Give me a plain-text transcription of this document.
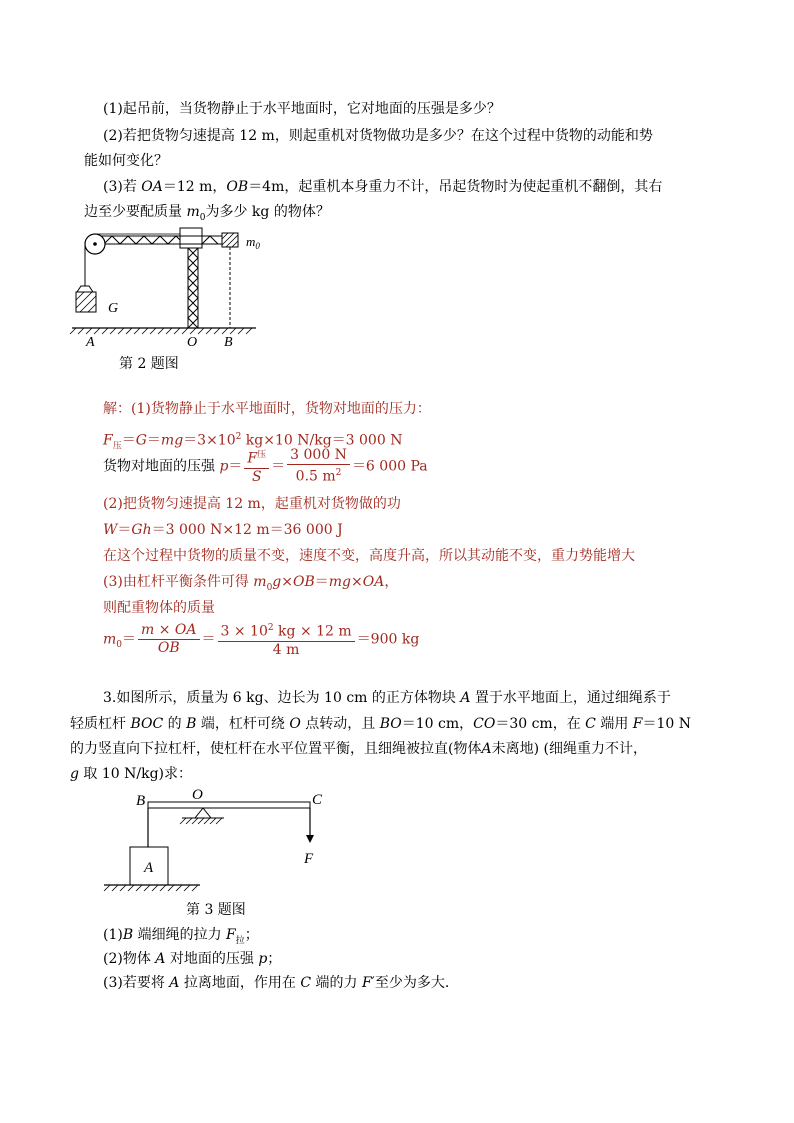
(1)起吊前，当货物静止于水平地面时，它对地面的压强是多少？
(2)若把货物匀速提高 12 m，则起重机对货物做功是多少？在这个过程中货物的动能和势
能如何变化？
(3)若 OA＝12 m，OB＝4m，起重机本身重力不计，吊起货物时为使起重机不翻倒，其右
边至少要配质量 $m_0$为多少 kg 的物体？
$m_0$
G
A	O B
第 2 题图
解：(1)货物静止于水平地面时，货物对地面的压力：
$F_压=G=mg=3\times 10^2$ kg×10 N/kg＝3 000 N
货物对地面的压强 $p= \frac{F^压}{S} = \frac{3 000 N}{0.5 m^2} =6$ 000 Pa
(2)把货物匀速提高 12 m，起重机对货物做的功
W＝Gh＝3 000 N×12 m＝36 000 J
在这个过程中货物的质量不变，速度不变，高度升高，所以其动能不变，重力势能增大
(3)由杠杆平衡条件可得 $m_0g\times OB=mg\times OA$，
则配重物体的质量
$m_0= \frac{m \times OA}{OB} = \frac{3 \times 10^2 kg \times 12 m}{4 m} =900$ kg
3.如图所示，质量为 6 kg、边长为 10 cm 的正方体物块 A 置于水平地面上，通过细绳系于
轻质杠杆 BOC 的 B 端，杠杆可绕 O 点转动，且 BO＝10 cm，CO＝30 cm，在 C 端用 F＝10 N
的力竖直向下拉杠杆，使杠杆在水平位置平衡，且细绳被拉直(物体A未离地) (细绳重力不计，
g 取 10 N/kg)求：
B	O	C
F
A
第 3 题图
(1)B 端细绳的拉力 $F_拉$；
(2)物体 A 对地面的压强 p；
(3)若要将 A 拉离地面，作用在 C 端的力 F′至少为多大.
